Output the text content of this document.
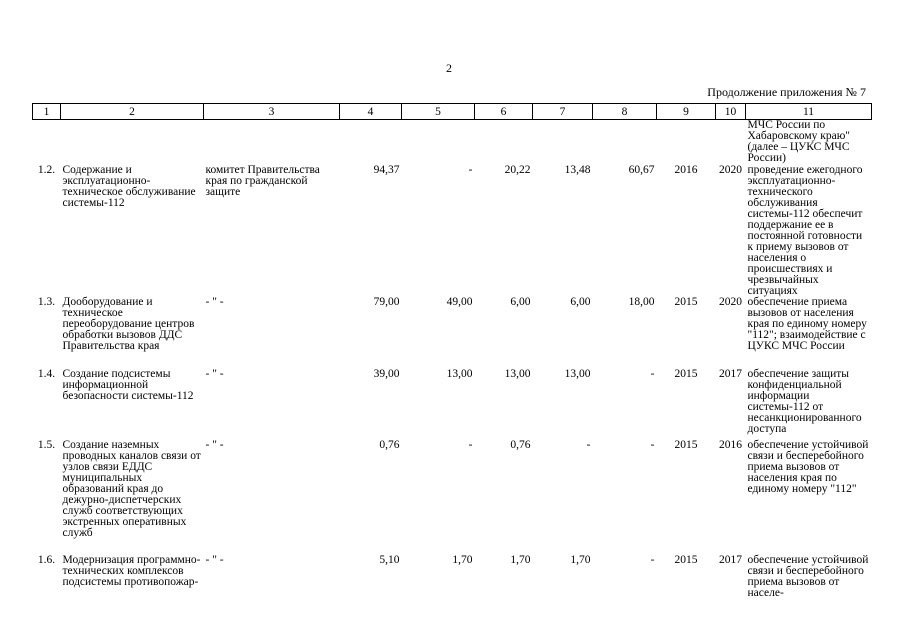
2
Продолжение приложения № 7
1	2	3	4	5	6	7	8	9	10	11
										МЧС России по Хабаровскому краю" (далее – ЦУКС МЧС России)
1.2.	Содержание и эксплуатационно-техническое обслуживание системы-112	комитет Правительства края по гражданской защите	94,37	-	20,22	13,48	60,67	2016	2020	проведение ежегодного эксплуатационно-технического обслуживания системы-112 обеспечит поддержание ее в постоянной готовности к приему вызовов от населения о происшествиях и чрезвычайных ситуациях
1.3.	Дооборудование и техническое переоборудование центров обработки вызовов ДДС Правительства края	- " -	79,00	49,00	6,00	6,00	18,00	2015	2020	обеспечение приема вызовов от населения края по единому номеру "112"; взаимодействие с ЦУКС МЧС России
1.4.	Создание подсистемы информационной безопасности системы-112	- " -	39,00	13,00	13,00	13,00	-	2015	2017	обеспечение защиты конфиденциальной информации системы-112 от несанкционированного доступа
1.5.	Создание наземных проводных каналов связи от узлов связи ЕДДС муниципальных образований края до дежурно-диспетчерских служб соответствующих экстренных оперативных служб	- " -	0,76	-	0,76	-	-	2015	2016	обеспечение устойчивой связи и бесперебойного приема вызовов от населения края по единому номеру "112"
1.6.	Модернизация программно-технических комплексов подсистемы противопожар-	- " -	5,10	1,70	1,70	1,70	-	2015	2017	обеспечение устойчивой связи и бесперебойного приема вызовов от населе-
